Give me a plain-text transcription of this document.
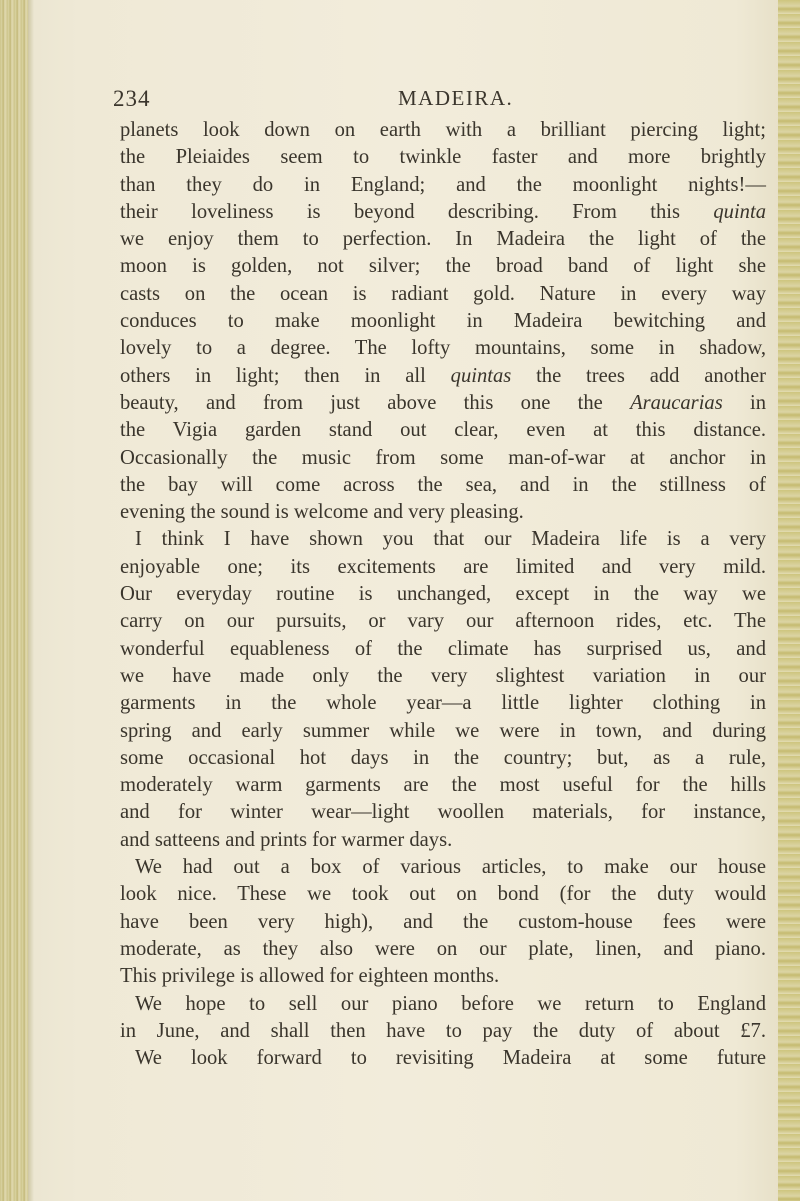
234	MADEIRA.
planets look down on earth with a brilliant piercing light;
the Pleiaides seem to twinkle faster and more brightly
than they do in England; and the moonlight nights!—
their loveliness is beyond describing. From this quinta
we enjoy them to perfection. In Madeira the light of the
moon is golden, not silver; the broad band of light she
casts on the ocean is radiant gold. Nature in every way
conduces to make moonlight in Madeira bewitching and
lovely to a degree. The lofty mountains, some in shadow,
others in light; then in all quintas the trees add another
beauty, and from just above this one the Araucarias in
the Vigia garden stand out clear, even at this distance.
Occasionally the music from some man-of-war at anchor in
the bay will come across the sea, and in the stillness of
evening the sound is welcome and very pleasing.
I think I have shown you that our Madeira life is a very
enjoyable one; its excitements are limited and very mild.
Our everyday routine is unchanged, except in the way we
carry on our pursuits, or vary our afternoon rides, etc. The
wonderful equableness of the climate has surprised us, and
we have made only the very slightest variation in our
garments in the whole year—a little lighter clothing in
spring and early summer while we were in town, and during
some occasional hot days in the country; but, as a rule,
moderately warm garments are the most useful for the hills
and for winter wear—light woollen materials, for instance,
and satteens and prints for warmer days.
We had out a box of various articles, to make our house
look nice. These we took out on bond (for the duty would
have been very high), and the custom-house fees were
moderate, as they also were on our plate, linen, and piano.
This privilege is allowed for eighteen months.
We hope to sell our piano before we return to England
in June, and shall then have to pay the duty of about £7.
We look forward to revisiting Madeira at some future
